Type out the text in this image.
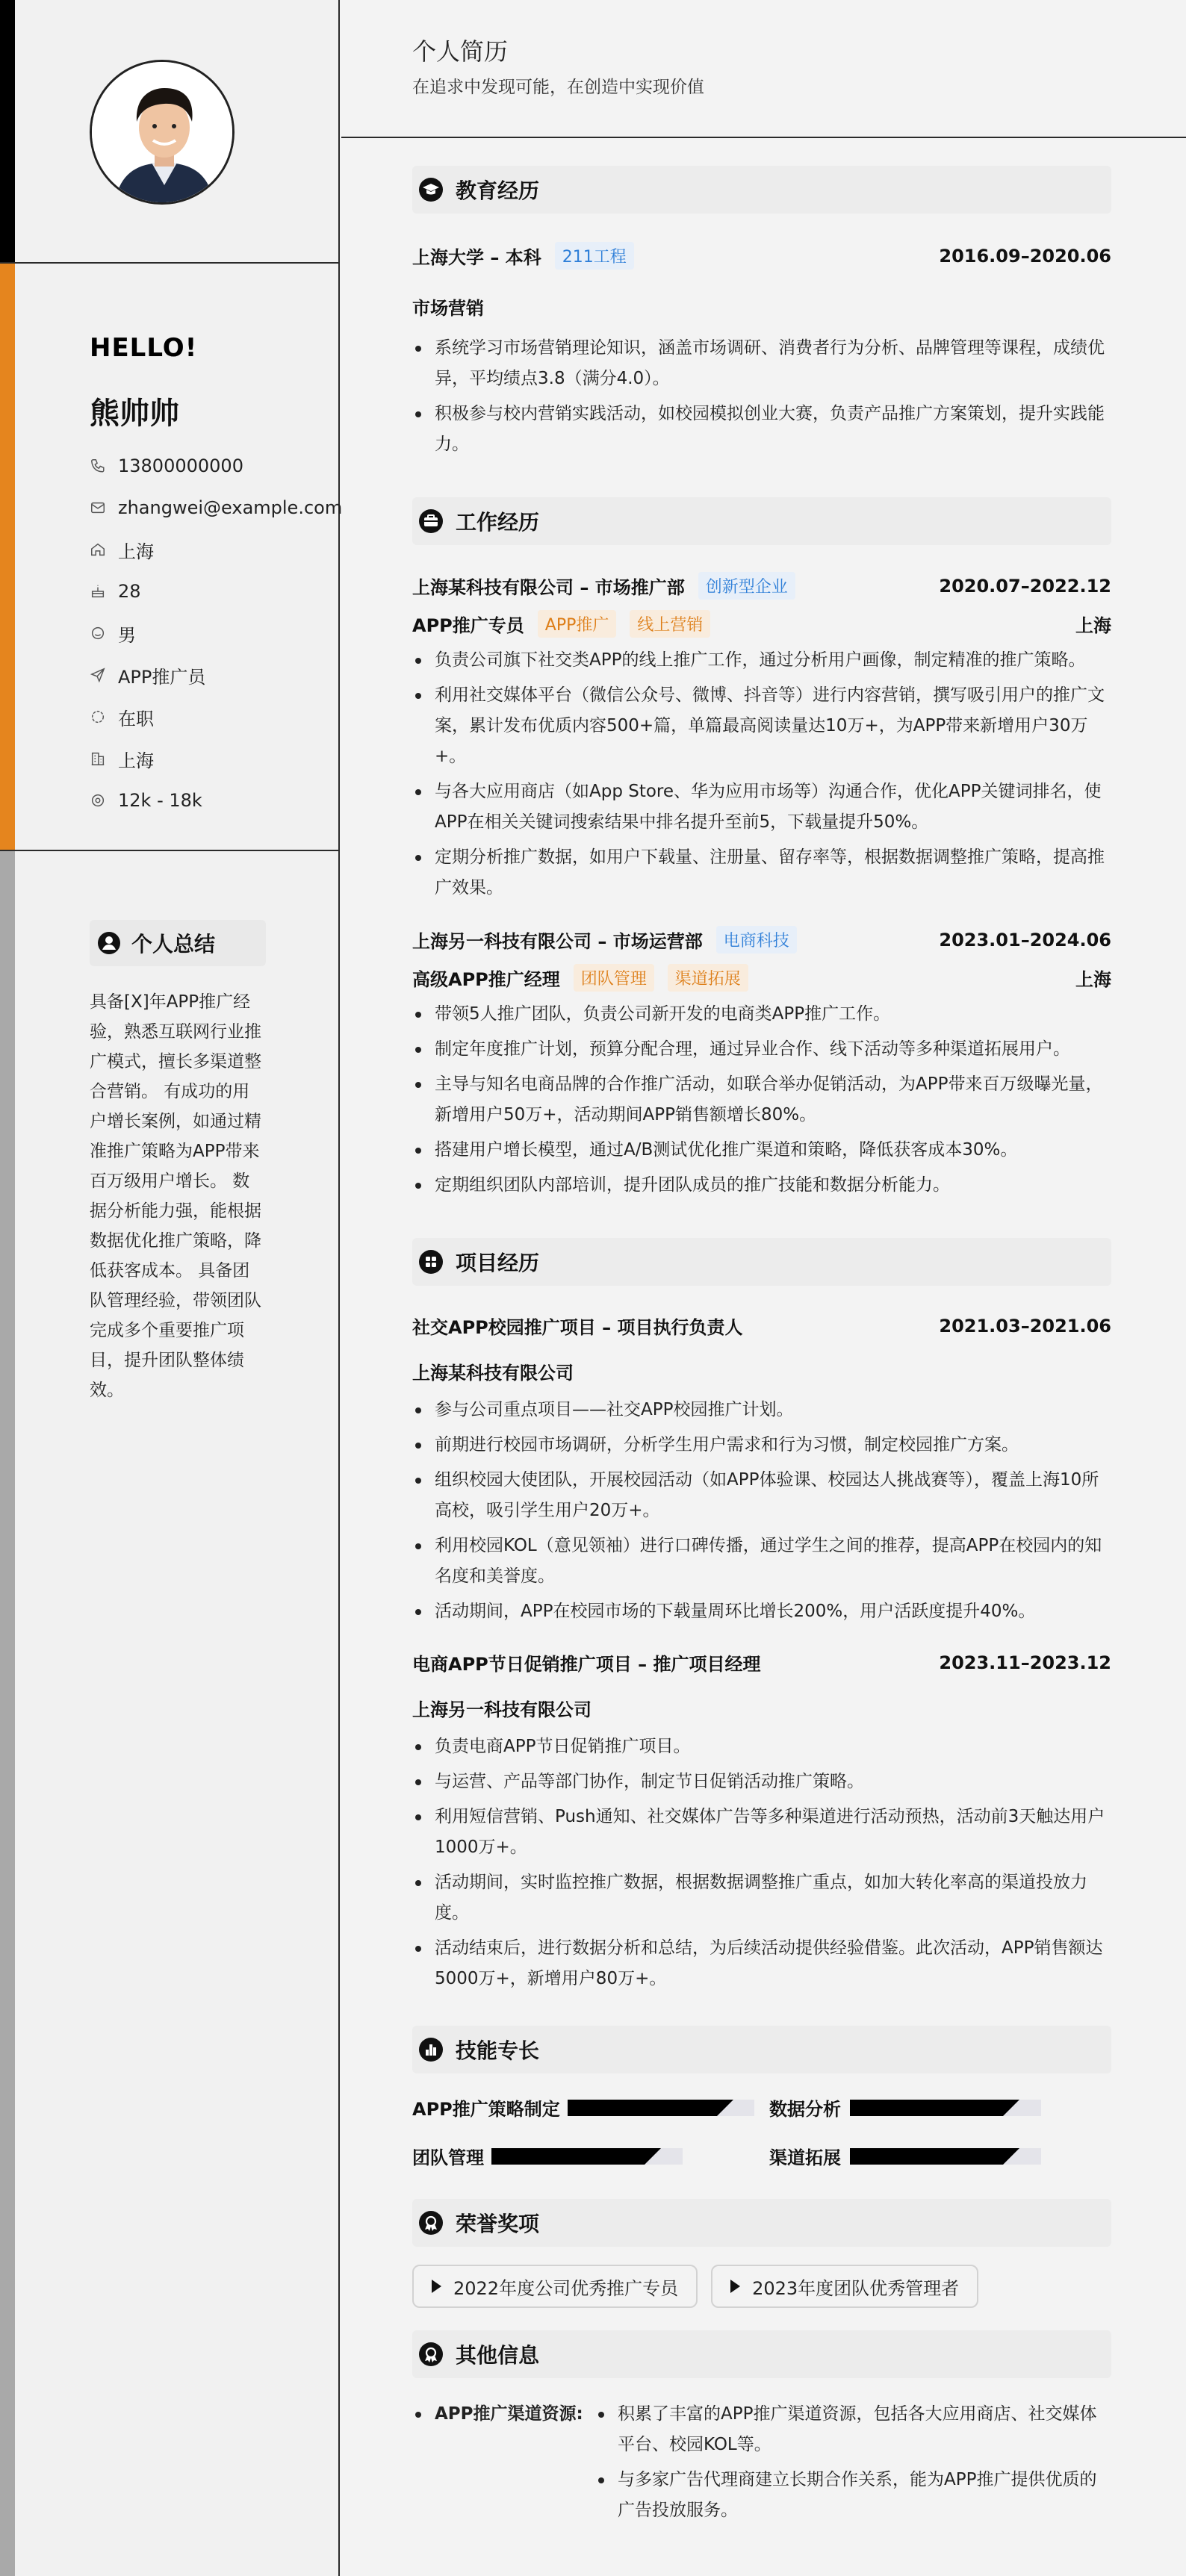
HELLO!
熊帅帅
13800000000
zhangwei@example.com
上海
28
男
APP推广员
在职
上海
12k - 18k
个人总结
具备[X]年APP推广经验，熟悉互联网行业推广模式，擅长多渠道整合营销。 有成功的用户增长案例，如通过精准推广策略为APP带来百万级用户增长。 数据分析能力强，能根据数据优化推广策略，降低获客成本。 具备团队管理经验，带领团队完成多个重要推广项目，提升团队整体绩效。
个人简历
在追求中发现可能，在创造中实现价值
教育经历
上海大学 – 本科	211工程	2016.09–2020.06
市场营销
系统学习市场营销理论知识，涵盖市场调研、消费者行为分析、品牌管理等课程，成绩优异，平均绩点3.8（满分4.0）。
积极参与校内营销实践活动，如校园模拟创业大赛，负责产品推广方案策划，提升实践能力。
工作经历
上海某科技有限公司 – 市场推广部	创新型企业	2020.07–2022.12
APP推广专员	APP推广	线上营销	上海
负责公司旗下社交类APP的线上推广工作，通过分析用户画像，制定精准的推广策略。
利用社交媒体平台（微信公众号、微博、抖音等）进行内容营销，撰写吸引用户的推广文案，累计发布优质内容500+篇，单篇最高阅读量达10万+，为APP带来新增用户30万+。
与各大应用商店（如App Store、华为应用市场等）沟通合作，优化APP关键词排名，使APP在相关关键词搜索结果中排名提升至前5，下载量提升50%。
定期分析推广数据，如用户下载量、注册量、留存率等，根据数据调整推广策略，提高推广效果。
上海另一科技有限公司 – 市场运营部	电商科技	2023.01–2024.06
高级APP推广经理	团队管理	渠道拓展	上海
带领5人推广团队，负责公司新开发的电商类APP推广工作。
制定年度推广计划，预算分配合理，通过异业合作、线下活动等多种渠道拓展用户。
主导与知名电商品牌的合作推广活动，如联合举办促销活动，为APP带来百万级曝光量，新增用户50万+，活动期间APP销售额增长80%。
搭建用户增长模型，通过A/B测试优化推广渠道和策略，降低获客成本30%。
定期组织团队内部培训，提升团队成员的推广技能和数据分析能力。
项目经历
社交APP校园推广项目 – 项目执行负责人	2021.03–2021.06
上海某科技有限公司
参与公司重点项目——社交APP校园推广计划。
前期进行校园市场调研，分析学生用户需求和行为习惯，制定校园推广方案。
组织校园大使团队，开展校园活动（如APP体验课、校园达人挑战赛等），覆盖上海10所高校，吸引学生用户20万+。
利用校园KOL（意见领袖）进行口碑传播，通过学生之间的推荐，提高APP在校园内的知名度和美誉度。
活动期间，APP在校园市场的下载量周环比增长200%，用户活跃度提升40%。
电商APP节日促销推广项目 – 推广项目经理	2023.11–2023.12
上海另一科技有限公司
负责电商APP节日促销推广项目。
与运营、产品等部门协作，制定节日促销活动推广策略。
利用短信营销、Push通知、社交媒体广告等多种渠道进行活动预热，活动前3天触达用户1000万+。
活动期间，实时监控推广数据，根据数据调整推广重点，如加大转化率高的渠道投放力度。
活动结束后，进行数据分析和总结，为后续活动提供经验借鉴。此次活动，APP销售额达5000万+，新增用户80万+。
技能专长
APP推广策略制定	数据分析
团队管理	渠道拓展
荣誉奖项
2022年度公司优秀推广专员	2023年度团队优秀管理者
其他信息
APP推广渠道资源:	积累了丰富的APP推广渠道资源，包括各大应用商店、社交媒体平台、校园KOL等。
与多家广告代理商建立长期合作关系，能为APP推广提供优质的广告投放服务。
